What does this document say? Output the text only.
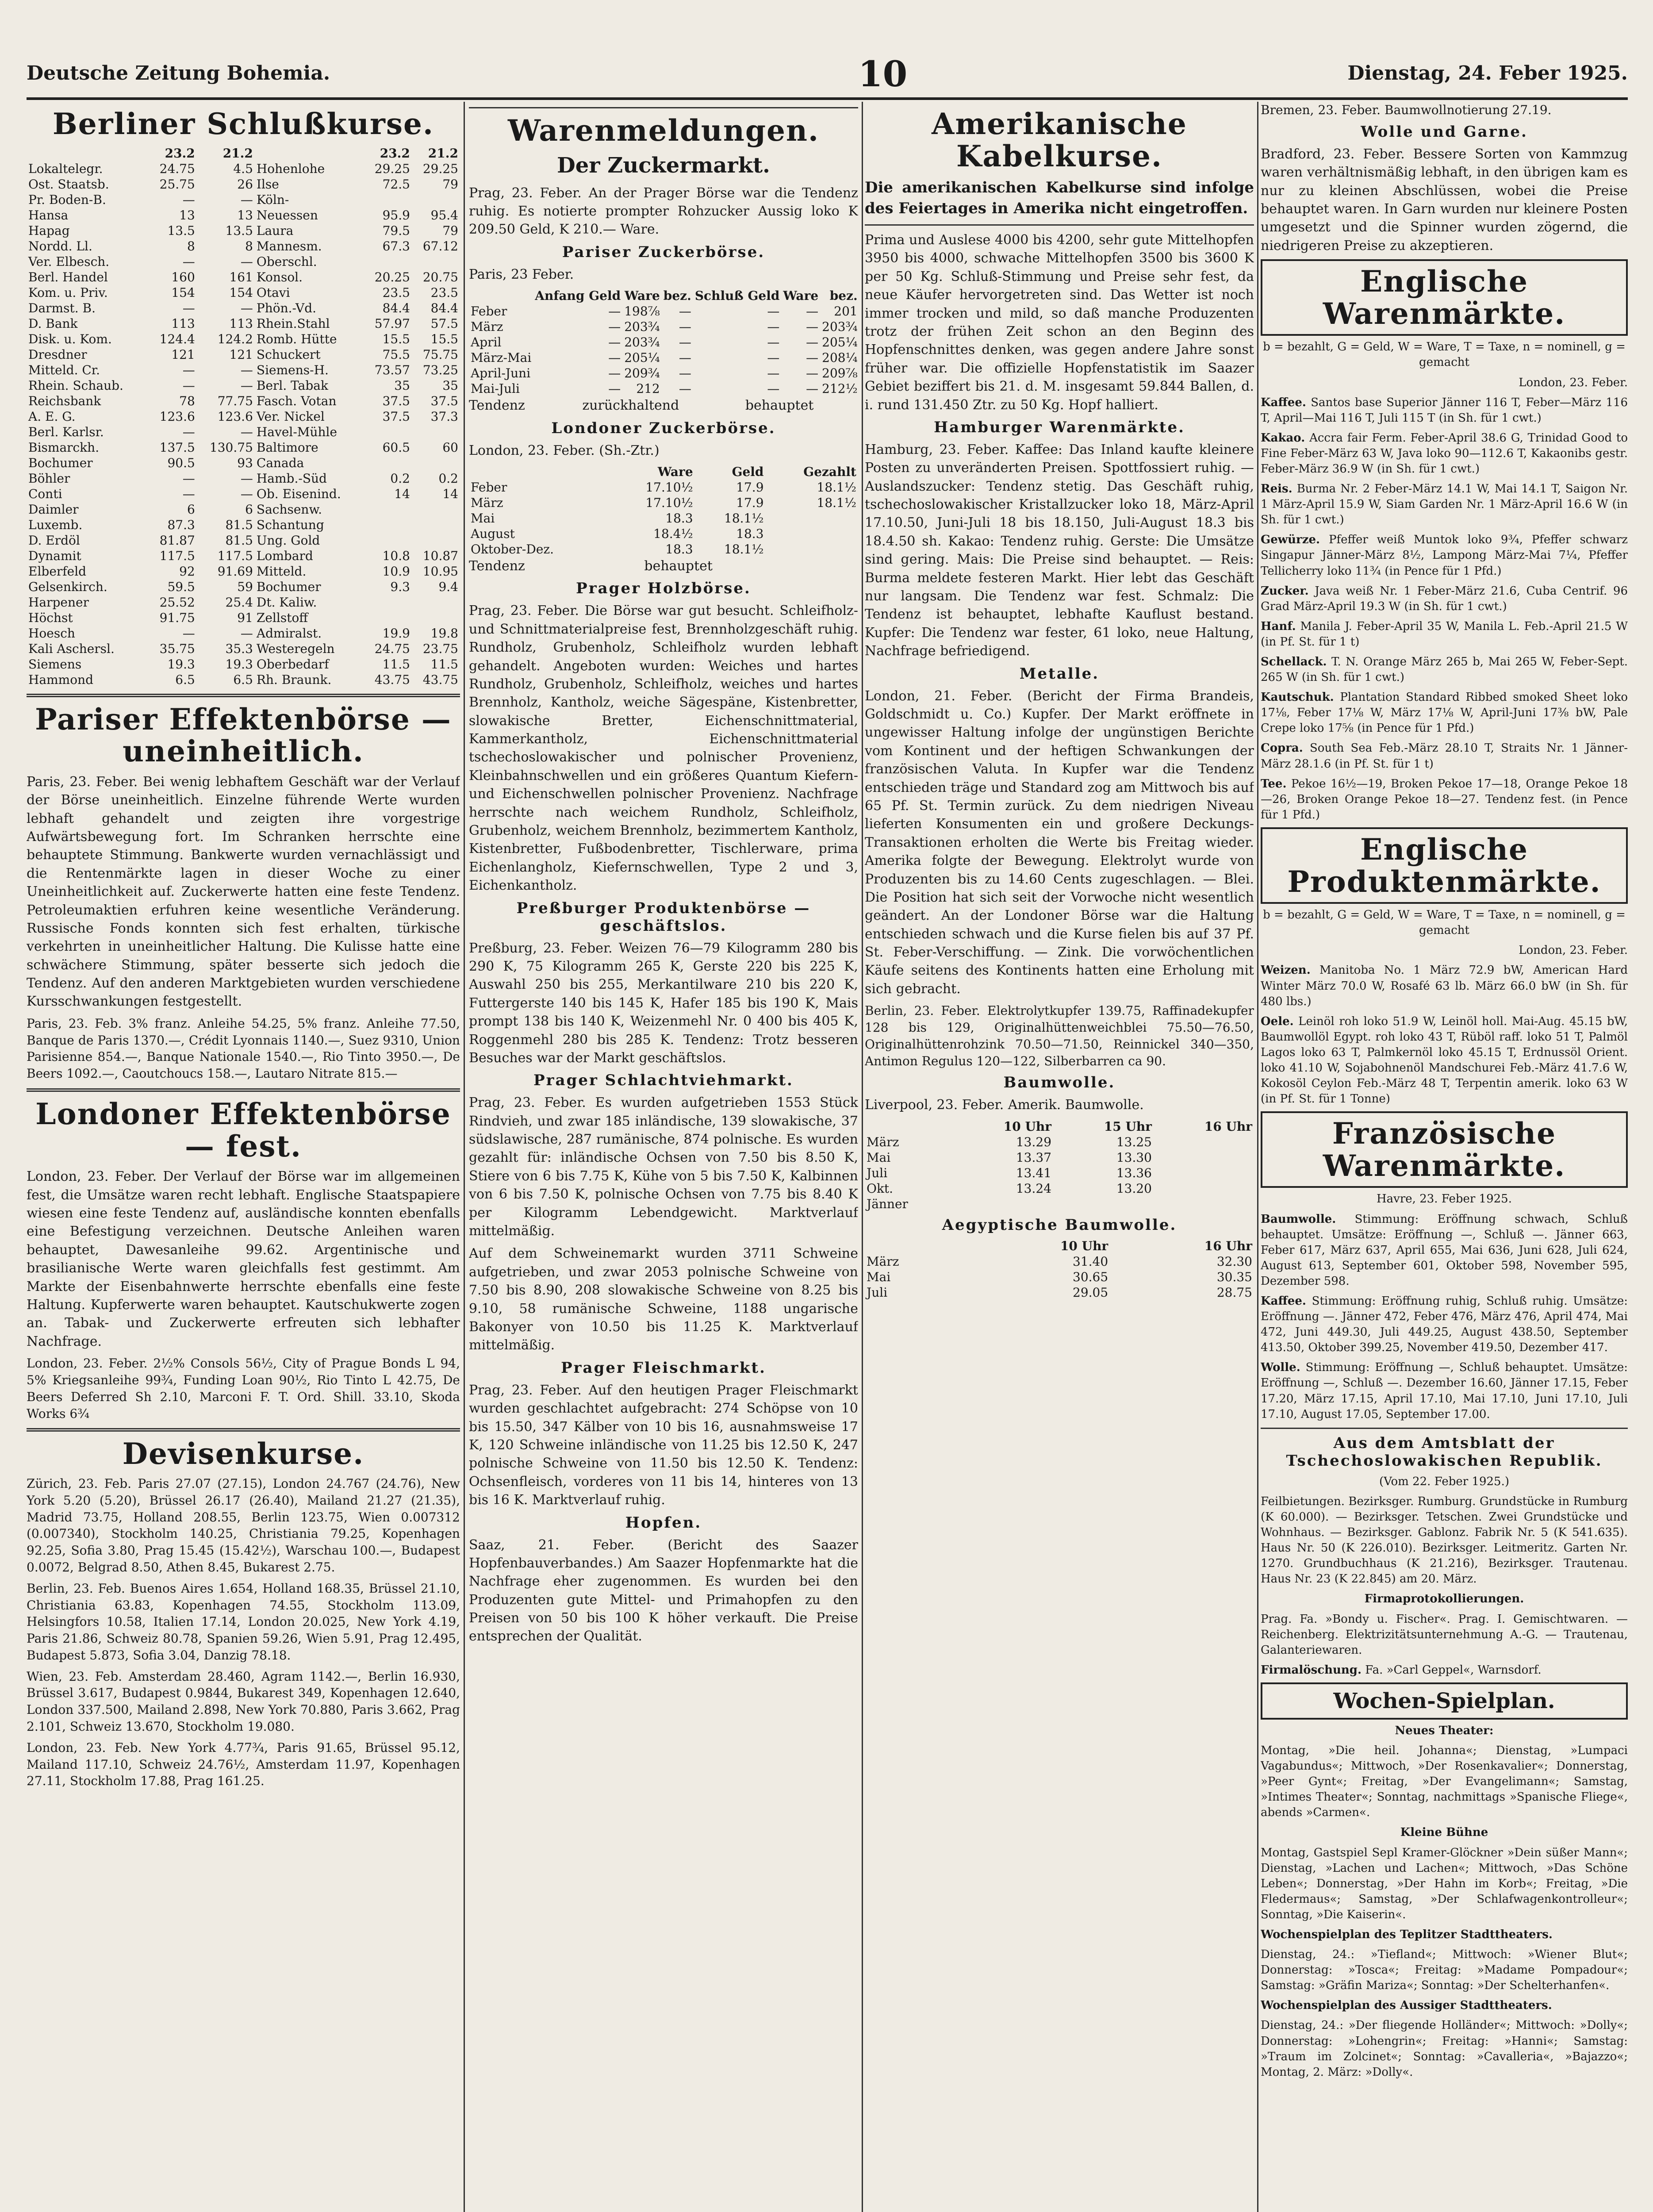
Deutsche Zeitung Bohemia.	10	Dienstag, 24. Feber 1925.
Berliner Schlußkurse.
	23.2	21.2		23.2	21.2
Lokaltelegr.	24.75	4.5	Hohenlohe	29.25	29.25
Ost. Staatsb.	25.75	26	Ilse	72.5	79
Pr. Boden-B.	—	—	Köln-		
Hansa	13	13	Neuessen	95.9	95.4
Hapag	13.5	13.5	Laura	79.5	79
Nordd. Ll.	8	8	Mannesm.	67.3	67.12
Ver. Elbesch.	—	—	Oberschl.		
Berl. Handel	160	161	Konsol.	20.25	20.75
Kom. u. Priv.	154	154	Otavi	23.5	23.5
Darmst. B.	—	—	Phön.-Vd.	84.4	84.4
D. Bank	113	113	Rhein.Stahl	57.97	57.5
Disk. u. Kom.	124.4	124.2	Romb. Hütte	15.5	15.5
Dresdner	121	121	Schuckert	75.5	75.75
Mitteld. Cr.	—	—	Siemens-H.	73.57	73.25
Rhein. Schaub.	—	—	Berl. Tabak	35	35
Reichsbank	78	77.75	Fasch. Votan	37.5	37.5
A. E. G.	123.6	123.6	Ver. Nickel	37.5	37.3
Berl. Karlsr.	—	—	Havel-Mühle		
Bismarckh.	137.5	130.75	Baltimore	60.5	60
Bochumer	90.5	93	Canada		
Böhler	—	—	Hamb.-Süd	0.2	0.2
Conti	—	—	Ob. Eisenind.	14	14
Daimler	6	6	Sachsenw.		
Luxemb.	87.3	81.5	Schantung		
D. Erdöl	81.87	81.5	Ung. Gold		
Dynamit	117.5	117.5	Lombard	10.8	10.87
Elberfeld	92	91.69	Mitteld.	10.9	10.95
Gelsenkirch.	59.5	59	Bochumer	9.3	9.4
Harpener	25.52	25.4	Dt. Kaliw.		
Höchst	91.75	91	Zellstoff		
Hoesch	—	—	Admiralst.	19.9	19.8
Kali Aschersl.	35.75	35.3	Westeregeln	24.75	23.75
Siemens	19.3	19.3	Oberbedarf	11.5	11.5
Hammond	6.5	6.5	Rh. Braunk.	43.75	43.75
Pariser Effektenbörse — uneinheitlich.

Paris, 23. Feber. Bei wenig lebhaftem Geschäft war der Verlauf der Börse uneinheitlich. Einzelne führende Werte wurden lebhaft gehandelt und zeigten ihre vorgestrige Aufwärtsbewegung fort. Im Schranken herrschte eine behauptete Stimmung. Bankwerte wurden vernachlässigt und die Rentenmärkte lagen in dieser Woche zu einer Uneinheitlichkeit auf. Zuckerwerte hatten eine feste Tendenz. Petroleumaktien erfuhren keine wesentliche Veränderung. Russische Fonds konnten sich fest erhalten, türkische verkehrten in uneinheitlicher Haltung. Die Kulisse hatte eine schwächere Stimmung, später besserte sich jedoch die Tendenz. Auf den anderen Marktgebieten wurden verschiedene Kursschwankungen festgestellt.

Paris, 23. Feb. 3% franz. Anleihe 54.25, 5% franz. Anleihe 77.50, Banque de Paris 1370.—, Crédit Lyonnais 1140.—, Suez 9310, Union Parisienne 854.—, Banque Nationale 1540.—, Rio Tinto 3950.—, De Beers 1092.—, Caoutchoucs 158.—, Lautaro Nitrate 815.—

Londoner Effektenbörse — fest.

London, 23. Feber. Der Verlauf der Börse war im allgemeinen fest, die Umsätze waren recht lebhaft. Englische Staatspapiere wiesen eine feste Tendenz auf, ausländische konnten ebenfalls eine Befestigung verzeichnen. Deutsche Anleihen waren behauptet, Dawesanleihe 99.62. Argentinische und brasilianische Werte waren gleichfalls fest gestimmt. Am Markte der Eisenbahnwerte herrschte ebenfalls eine feste Haltung. Kupferwerte waren behauptet. Kautschukwerte zogen an. Tabak- und Zuckerwerte erfreuten sich lebhafter Nachfrage.

London, 23. Feber. 2½% Consols 56½, City of Prague Bonds L 94, 5% Kriegsanleihe 99¾, Funding Loan 90½, Rio Tinto L 42.75, De Beers Deferred Sh 2.10, Marconi F. T. Ord. Shill. 33.10, Skoda Works 6¾

Devisenkurse.

Zürich, 23. Feb. Paris 27.07 (27.15), London 24.767 (24.76), New York 5.20 (5.20), Brüssel 26.17 (26.40), Mailand 21.27 (21.35), Madrid 73.75, Holland 208.55, Berlin 123.75, Wien 0.007312 (0.007340), Stockholm 140.25, Christiania 79.25, Kopenhagen 92.25, Sofia 3.80, Prag 15.45 (15.42½), Warschau 100.—, Budapest 0.0072, Belgrad 8.50, Athen 8.45, Bukarest 2.75.

Berlin, 23. Feb. Buenos Aires 1.654, Holland 168.35, Brüssel 21.10, Christiania 63.83, Kopenhagen 74.55, Stockholm 113.09, Helsingfors 10.58, Italien 17.14, London 20.025, New York 4.19, Paris 21.86, Schweiz 80.78, Spanien 59.26, Wien 5.91, Prag 12.495, Budapest 5.873, Sofia 3.04, Danzig 78.18.

Wien, 23. Feb. Amsterdam 28.460, Agram 1142.—, Berlin 16.930, Brüssel 3.617, Budapest 0.9844, Bukarest 349, Kopenhagen 12.640, London 337.500, Mailand 2.898, New York 70.880, Paris 3.662, Prag 2.101, Schweiz 13.670, Stockholm 19.080.

London, 23. Feb. New York 4.77¾, Paris 91.65, Brüssel 95.12, Mailand 117.10, Schweiz 24.76½, Amsterdam 11.97, Kopenhagen 27.11, Stockholm 17.88, Prag 161.25.

Warenmeldungen.
Der Zuckermarkt.

Prag, 23. Feber. An der Prager Börse war die Tendenz ruhig. Es notierte prompter Rohzucker Aussig loko K 209.50 Geld, K 210.— Ware.

Pariser Zuckerbörse.

Paris, 23 Feber.

	Anfang Geld	Ware	bez.	Schluß Geld	Ware	bez.
Feber	—	198⅞	—	—	—	201
März	—	203¾	—	—	—	203¾
April	—	203¾	—	—	—	205¼
März-Mai	—	205¼	—	—	—	208¼
April-Juni	—	209¾	—	—	—	209⅞
Mai-Juli	—	212	—	—	—	212½

Tendenz	zurückhaltend	behauptet

Londoner Zuckerbörse.

London, 23. Feber. (Sh.-Ztr.)

	Ware	Geld	Gezahlt
Feber	17.10½	17.9	18.1½
März	17.10½	17.9	18.1½
Mai	18.3	18.1½	
August	18.4½	18.3	
Oktober-Dez.	18.3	18.1½	

Tendenz	behauptet

Prager Holzbörse.

Prag, 23. Feber. Die Börse war gut besucht. Schleifholz- und Schnittmaterialpreise fest, Brennholzgeschäft ruhig. Rundholz, Grubenholz, Schleifholz wurden lebhaft gehandelt. Angeboten wurden: Weiches und hartes Rundholz, Grubenholz, Schleifholz, weiches und hartes Brennholz, Kantholz, weiche Sägespäne, Kistenbretter, slowakische Bretter, Eichenschnittmaterial, Kammerkantholz, Eichenschnittmaterial tschechoslowakischer und polnischer Provenienz, Kleinbahnschwellen und ein größeres Quantum Kiefern- und Eichenschwellen polnischer Provenienz. Nachfrage herrschte nach weichem Rundholz, Schleifholz, Grubenholz, weichem Brennholz, bezimmertem Kantholz, Kistenbretter, Fußbodenbretter, Tischlerware, prima Eichenlangholz, Kiefernschwellen, Type 2 und 3, Eichenkantholz.

Preßburger Produktenbörse — geschäftslos.

Preßburg, 23. Feber. Weizen 76—79 Kilogramm 280 bis 290 K, 75 Kilogramm 265 K, Gerste 220 bis 225 K, Auswahl 250 bis 255, Merkantilware 210 bis 220 K, Futtergerste 140 bis 145 K, Hafer 185 bis 190 K, Mais prompt 138 bis 140 K, Weizenmehl Nr. 0 400 bis 405 K, Roggenmehl 280 bis 285 K. Tendenz: Trotz besseren Besuches war der Markt geschäftslos.

Prager Schlachtviehmarkt.

Prag, 23. Feber. Es wurden aufgetrieben 1553 Stück Rindvieh, und zwar 185 inländische, 139 slowakische, 37 südslawische, 287 rumänische, 874 polnische. Es wurden gezahlt für: inländische Ochsen von 7.50 bis 8.50 K, Stiere von 6 bis 7.75 K, Kühe von 5 bis 7.50 K, Kalbinnen von 6 bis 7.50 K, polnische Ochsen von 7.75 bis 8.40 K per Kilogramm Lebendgewicht. Marktverlauf mittelmäßig.

Auf dem Schweinemarkt wurden 3711 Schweine aufgetrieben, und zwar 2053 polnische Schweine von 7.50 bis 8.90, 208 slowakische Schweine von 8.25 bis 9.10, 58 rumänische Schweine, 1188 ungarische Bakonyer von 10.50 bis 11.25 K. Marktverlauf mittelmäßig.

Prager Fleischmarkt.

Prag, 23. Feber. Auf den heutigen Prager Fleischmarkt wurden geschlachtet aufgebracht: 274 Schöpse von 10 bis 15.50, 347 Kälber von 10 bis 16, ausnahmsweise 17 K, 120 Schweine inländische von 11.25 bis 12.50 K, 247 polnische Schweine von 11.50 bis 12.50 K. Tendenz: Ochsenfleisch, vorderes von 11 bis 14, hinteres von 13 bis 16 K. Marktverlauf ruhig.

Hopfen.

Saaz, 21. Feber. (Bericht des Saazer Hopfenbauverbandes.) Am Saazer Hopfenmarkte hat die Nachfrage eher zugenommen. Es wurden bei den Produzenten gute Mittel- und Primahopfen zu den Preisen von 50 bis 100 K höher verkauft. Die Preise entsprechen der Qualität.

Amerikanische Kabelkurse.

Die amerikanischen Kabelkurse sind infolge des Feiertages in Amerika nicht eingetroffen.

Prima und Auslese 4000 bis 4200, sehr gute Mittelhopfen 3950 bis 4000, schwache Mittelhopfen 3500 bis 3600 K per 50 Kg. Schluß-Stimmung und Preise sehr fest, da neue Käufer hervorgetreten sind. Das Wetter ist noch immer trocken und mild, so daß manche Produzenten trotz der frühen Zeit schon an den Beginn des Hopfenschnittes denken, was gegen andere Jahre sonst früher war. Die offizielle Hopfenstatistik im Saazer Gebiet beziffert bis 21. d. M. insgesamt 59.844 Ballen, d. i. rund 131.450 Ztr. zu 50 Kg. Hopf halliert.

Hamburger Warenmärkte.

Hamburg, 23. Feber. Kaffee: Das Inland kaufte kleinere Posten zu unveränderten Preisen. Spottfossiert ruhig. — Auslandszucker: Tendenz stetig. Das Geschäft ruhig, tschechoslowakischer Kristallzucker loko 18, März-April 17.10.50, Juni-Juli 18 bis 18.150, Juli-August 18.3 bis 18.4.50 sh. Kakao: Tendenz ruhig. Gerste: Die Umsätze sind gering. Mais: Die Preise sind behauptet. — Reis: Burma meldete festeren Markt. Hier lebt das Geschäft nur langsam. Die Tendenz war fest. Schmalz: Die Tendenz ist behauptet, lebhafte Kauflust bestand. Kupfer: Die Tendenz war fester, 61 loko, neue Haltung, Nachfrage befriedigend.

Metalle.

London, 21. Feber. (Bericht der Firma Brandeis, Goldschmidt u. Co.) Kupfer. Der Markt eröffnete in ungewisser Haltung infolge der ungünstigen Berichte vom Kontinent und der heftigen Schwankungen der französischen Valuta. In Kupfer war die Tendenz entschieden träge und Standard zog am Mittwoch bis auf 65 Pf. St. Termin zurück. Zu dem niedrigen Niveau lieferten Konsumenten ein und großere Deckungs-Transaktionen erholten die Werte bis Freitag wieder. Amerika folgte der Bewegung. Elektrolyt wurde von Produzenten bis zu 14.60 Cents zugeschlagen. — Blei. Die Position hat sich seit der Vorwoche nicht wesentlich geändert. An der Londoner Börse war die Haltung entschieden schwach und die Kurse fielen bis auf 37 Pf. St. Feber-Verschiffung. — Zink. Die vorwöchentlichen Käufe seitens des Kontinents hatten eine Erholung mit sich gebracht.

Berlin, 23. Feber. Elektrolytkupfer 139.75, Raffinadekupfer 128 bis 129, Originalhüttenweichblei 75.50—76.50, Originalhüttenrohzink 70.50—71.50, Reinnickel 340—350, Antimon Regulus 120—122, Silberbarren ca 90.

Baumwolle.

Liverpool, 23. Feber. Amerik. Baumwolle.

	10 Uhr	15 Uhr	16 Uhr
März	13.29	13.25	
Mai	13.37	13.30	
Juli	13.41	13.36	
Okt.	13.24	13.20	
Jänner			
Aegyptische Baumwolle.
	10 Uhr	16 Uhr
März	31.40	32.30
Mai	30.65	30.35
Juli	29.05	28.75

Bremen, 23. Feber. Baumwollnotierung 27.19.

Wolle und Garne.

Bradford, 23. Feber. Bessere Sorten von Kammzug waren verhältnismäßig lebhaft, in den übrigen kam es nur zu kleinen Abschlüssen, wobei die Preise behauptet waren. In Garn wurden nur kleinere Posten umgesetzt und die Spinner wurden zögernd, die niedrigeren Preise zu akzeptieren.

Englische Warenmärkte.

b = bezahlt, G = Geld, W = Ware, T = Taxe, n = nominell, g = gemacht

London, 23. Feber.

Kaffee. Santos base Superior Jänner 116 T, Feber—März 116 T, April—Mai 116 T, Juli 115 T (in Sh. für 1 cwt.)

Kakao. Accra fair Ferm. Feber-April 38.6 G, Trinidad Good to Fine Feber-März 63 W, Java loko 90—112.6 T, Kakaonibs gestr. Feber-März 36.9 W (in Sh. für 1 cwt.)

Reis. Burma Nr. 2 Feber-März 14.1 W, Mai 14.1 T, Saigon Nr. 1 März-April 15.9 W, Siam Garden Nr. 1 März-April 16.6 W (in Sh. für 1 cwt.)

Gewürze. Pfeffer weiß Muntok loko 9¾, Pfeffer schwarz Singapur Jänner-März 8½, Lampong März-Mai 7¼, Pfeffer Tellicherry loko 11¾ (in Pence für 1 Pfd.)

Zucker. Java weiß Nr. 1 Feber-März 21.6, Cuba Centrif. 96 Grad März-April 19.3 W (in Sh. für 1 cwt.)

Hanf. Manila J. Feber-April 35 W, Manila L. Feb.-April 21.5 W (in Pf. St. für 1 t)

Schellack. T. N. Orange März 265 b, Mai 265 W, Feber-Sept. 265 W (in Sh. für 1 cwt.)

Kautschuk. Plantation Standard Ribbed smoked Sheet loko 17⅛, Feber 17⅛ W, März 17⅛ W, April-Juni 17⅜ bW, Pale Crepe loko 17⅝ (in Pence für 1 Pfd.)

Copra. South Sea Feb.-März 28.10 T, Straits Nr. 1 Jänner-März 28.1.6 (in Pf. St. für 1 t)

Tee. Pekoe 16½—19, Broken Pekoe 17—18, Orange Pekoe 18—26, Broken Orange Pekoe 18—27. Tendenz fest. (in Pence für 1 Pfd.)

Englische Produktenmärkte.

b = bezahlt, G = Geld, W = Ware, T = Taxe, n = nominell, g = gemacht

London, 23. Feber.

Weizen. Manitoba No. 1 März 72.9 bW, American Hard Winter März 70.0 W, Rosafé 63 lb. März 66.0 bW (in Sh. für 480 lbs.)

Oele. Leinöl roh loko 51.9 W, Leinöl holl. Mai-Aug. 45.15 bW, Baumwollöl Egypt. roh loko 43 T, Rüböl raff. loko 51 T, Palmöl Lagos loko 63 T, Palmkernöl loko 45.15 T, Erdnussöl Orient. loko 41.10 W, Sojabohnenöl Mandschurei Feb.-März 41.7.6 W, Kokosöl Ceylon Feb.-März 48 T, Terpentin amerik. loko 63 W (in Pf. St. für 1 Tonne)

Französische Warenmärkte.

Havre, 23. Feber 1925.

Baumwolle. Stimmung: Eröffnung schwach, Schluß behauptet. Umsätze: Eröffnung —, Schluß —. Jänner 663, Feber 617, März 637, April 655, Mai 636, Juni 628, Juli 624, August 613, September 601, Oktober 598, November 595, Dezember 598.

Kaffee. Stimmung: Eröffnung ruhig, Schluß ruhig. Umsätze: Eröffnung —. Jänner 472, Feber 476, März 476, April 474, Mai 472, Juni 449.30, Juli 449.25, August 438.50, September 413.50, Oktober 399.25, November 419.50, Dezember 417.

Wolle. Stimmung: Eröffnung —, Schluß behauptet. Umsätze: Eröffnung —, Schluß —. Dezember 16.60, Jänner 17.15, Feber 17.20, März 17.15, April 17.10, Mai 17.10, Juni 17.10, Juli 17.10, August 17.05, September 17.00.

Aus dem Amtsblatt der Tschechoslowakischen Republik.

(Vom 22. Feber 1925.)

Feilbietungen. Bezirksger. Rumburg. Grundstücke in Rumburg (K 60.000). — Bezirksger. Tetschen. Zwei Grundstücke und Wohnhaus. — Bezirksger. Gablonz. Fabrik Nr. 5 (K 541.635). Haus Nr. 50 (K 226.010). Bezirksger. Leitmeritz. Garten Nr. 1270. Grundbuchhaus (K 21.216), Bezirksger. Trautenau. Haus Nr. 23 (K 22.845) am 20. März.

Firmaprotokollierungen.

Prag. Fa. »Bondy u. Fischer«. Prag. I. Gemischtwaren. — Reichenberg. Elektrizitätsunternehmung A.-G. — Trautenau, Galanteriewaren.

Firmalöschung. Fa. »Carl Geppel«, Warnsdorf.

Wochen-Spielplan.

Neues Theater:

Montag, »Die heil. Johanna«; Dienstag, »Lumpaci Vagabundus«; Mittwoch, »Der Rosenkavalier«; Donnerstag, »Peer Gynt«; Freitag, »Der Evangelimann«; Samstag, »Intimes Theater«; Sonntag, nachmittags »Spanische Fliege«, abends »Carmen«.

Kleine Bühne

Montag, Gastspiel Sepl Kramer-Glöckner »Dein süßer Mann«; Dienstag, »Lachen und Lachen«; Mittwoch, »Das Schöne Leben«; Donnerstag, »Der Hahn im Korb«; Freitag, »Die Fledermaus«; Samstag, »Der Schlafwagenkontrolleur«; Sonntag, »Die Kaiserin«.

Wochenspielplan des Teplitzer Stadttheaters.

Dienstag, 24.: »Tiefland«; Mittwoch: »Wiener Blut«; Donnerstag: »Tosca«; Freitag: »Madame Pompadour«; Samstag: »Gräfin Mariza«; Sonntag: »Der Schelterhanfen«.

Wochenspielplan des Aussiger Stadttheaters.

Dienstag, 24.: »Der fliegende Holländer«; Mittwoch: »Dolly«; Donnerstag: »Lohengrin«; Freitag: »Hanni«; Samstag: »Traum im Zolcinet«; Sonntag: »Cavalleria«, »Bajazzo«; Montag, 2. März: »Dolly«.
